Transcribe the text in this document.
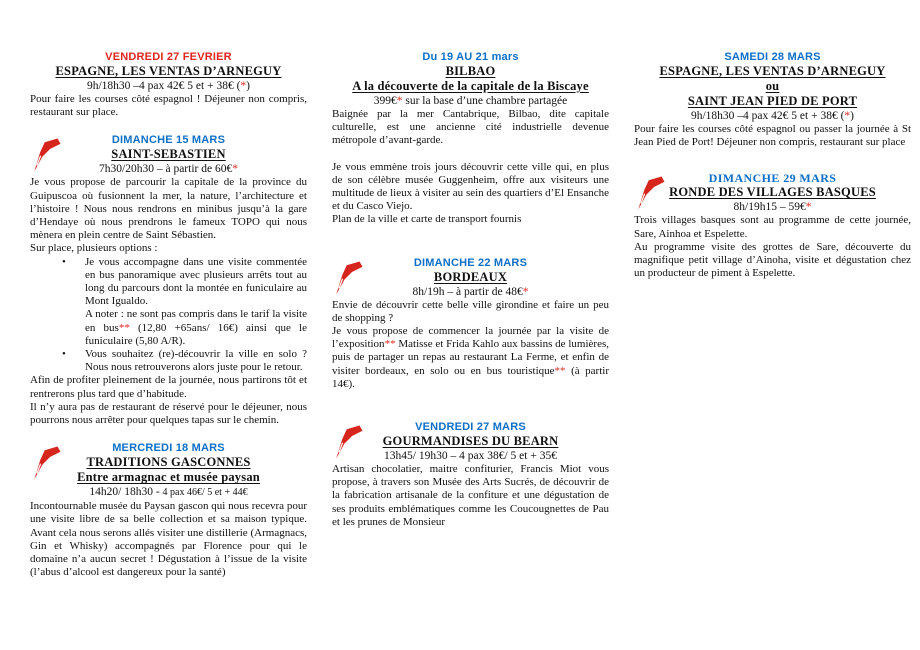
VENDREDI 27 FEVRIER
ESPAGNE, LES VENTAS D’ARNEGUY
9h/18h30 –4 pax 42€ 5 et + 38€ (*)

Pour faire les courses côté espagnol ! Déjeuner non compris, restaurant sur place.

DIMANCHE 15 MARS
SAINT-SEBASTIEN
7h30/20h30 – à partir de 60€*

Je vous propose de parcourir la capitale de la province du Guipuscoa où fusionnent la mer, la nature, l’architecture et l’histoire ! Nous nous rendrons en minibus jusqu’à la gare d’Hendaye où nous prendrons le fameux TOPO qui nous mènera en plein centre de Saint Sébastien.

Sur place, plusieurs options :

•	Je vous accompagne dans une visite commentée en bus panoramique avec plusieurs arrêts tout au long du parcours dont la montée en funiculaire au Mont Igualdo.

A noter : ne sont pas compris dans le tarif la visite en bus** (12,80 +65ans/ 16€) ainsi que le funiculaire (5,80 A/R).

•	Vous souhaitez (re)-découvrir la ville en solo ? Nous nous retrouverons alors juste pour le retour.

Afin de profiter pleinement de la journée, nous partirons tôt et rentrerons plus tard que d’habitude.

Il n’y aura pas de restaurant de réservé pour le déjeuner, nous pourrons nous arrêter pour quelques tapas sur le chemin.

MERCREDI 18 MARS
TRADITIONS GASCONNES
Entre armagnac et musée paysan
14h20/ 18h30 - 4 pax 46€/ 5 et + 44€

Incontournable musée du Paysan gascon qui nous recevra pour une visite libre de sa belle collection et sa maison typique. Avant cela nous serons allés visiter une distillerie (Armagnacs, Gin et Whisky) accompagnés par Florence pour qui le domaine n’a aucun secret ! Dégustation à l’issue de la visite (l’abus d’alcool est dangereux pour la santé)

Du 19 AU 21 mars
BILBAO
A la découverte de la capitale de la Biscaye
399€* sur la base d’une chambre partagée

Baignée par la mer Cantabrique, Bilbao, dite capitale culturelle, est une ancienne cité industrielle devenue métropole d’avant-garde.

Je vous emmène trois jours découvrir cette ville qui, en plus de son célèbre musée Guggenheim, offre aux visiteurs une multitude de lieux à visiter au sein des quartiers d’El Ensanche et du Casco Viejo.

Plan de la ville et carte de transport fournis

DIMANCHE 22 MARS
BORDEAUX
8h/19h – à partir de 48€*

Envie de découvrir cette belle ville girondine et faire un peu de shopping ?

Je vous propose de commencer la journée par la visite de l’exposition** Matisse et Frida Kahlo aux bassins de lumières, puis de partager un repas au restaurant La Ferme, et enfin de visiter bordeaux, en solo ou en bus touristique** (à partir 14€).

VENDREDI 27 MARS
GOURMANDISES DU BEARN
13h45/ 19h30 – 4 pax 38€/ 5 et + 35€

Artisan chocolatier, maitre confiturier, Francis Miot vous propose, à travers son Musée des Arts Sucrés, de découvrir de la fabrication artisanale de la confiture et une dégustation de ses produits emblématiques comme les Coucougnettes de Pau et les prunes de Monsieur

SAMEDI 28 MARS
ESPAGNE, LES VENTAS D’ARNEGUY
ou
SAINT JEAN PIED DE PORT
9h/18h30 –4 pax 42€ 5 et + 38€ (*)

Pour faire les courses côté espagnol ou passer la journée à St Jean Pied de Port! Déjeuner non compris, restaurant sur place

DIMANCHE 29 MARS
RONDE DES VILLAGES BASQUES
8h/19h15 – 59€*

Trois villages basques sont au programme de cette journée, Sare, Ainhoa et Espelette.

Au programme visite des grottes de Sare, découverte du magnifique petit village d’Ainoha, visite et dégustation chez un producteur de piment à Espelette.
